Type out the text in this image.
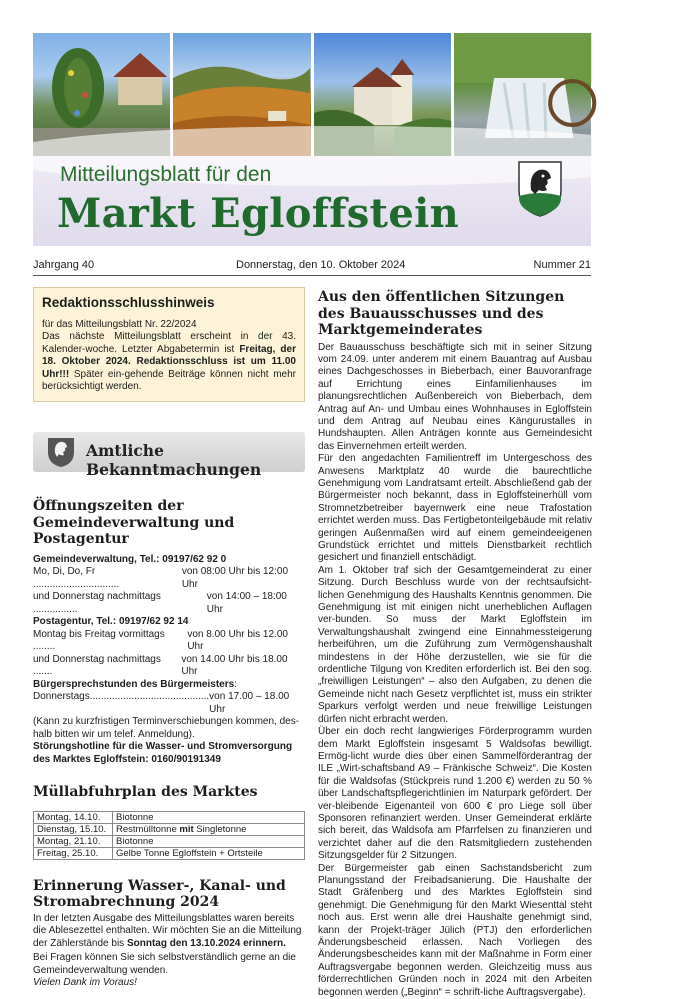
Mitteilungsblatt für den
Markt Egloffstein
Jahrgang 40	Donnerstag, den 10. Oktober 2024	Nummer 21

Redaktionsschlusshinweis

für das Mitteilungsblatt Nr. 22/2024

Das nächste Mitteilungsblatt erscheint in der 43. Kalender-woche. Letzter Abgabetermin ist Freitag, der 18. Oktober 2024. Redaktionsschluss ist um 11.00 Uhr!!! Später ein-gehende Beiträge können nicht mehr berücksichtigt werden.

Amtliche Bekanntmachungen
Öffnungszeiten der Gemeindeverwaltung und Postagentur
Gemeindeverwaltung, Tel.: 09197/62 92 0
Mo, Di, Do, Fr ...............................
von 08:00 Uhr bis 12:00 Uhr
und Donnerstag nachmittags ................
von 14:00 – 18:00 Uhr
Postagentur, Tel.: 09197/62 92 14
Montag bis Freitag vormittags ........
von 8.00 Uhr bis 12.00 Uhr
und Donnerstag nachmittags .......
von 14.00 Uhr bis 18.00 Uhr
Bürgersprechstunden des Bürgermeisters:
Donnerstags........................................... von 17.00 – 18.00 Uhr
(Kann zu kurzfristigen Terminverschiebungen kommen, des-halb bitten wir um telef. Anmeldung).
Störungshotline für die Wasser- und Stromversorgung des Marktes Egloffstein: 0160/90191349
Müllabfuhrplan des Marktes
Montag, 14.10.	Biotonne
Dienstag, 15.10.	Restmülltonne mit Singletonne
Montag, 21.10.	Biotonne
Freitag, 25.10.	Gelbe Tonne Egloffstein + Ortsteile
Erinnerung Wasser-, Kanal- und Stromabrechnung 2024

In der letzten Ausgabe des Mitteilungsblattes waren bereits die Ablesezettel enthalten. Wir möchten Sie an die Mitteilung der Zählerstände bis Sonntag den 13.10.2024 erinnern.

Bei Fragen können Sie sich selbstverständlich gerne an die Gemeindeverwaltung wenden.

Vielen Dank im Voraus!

Aus den öffentlichen Sitzungen des Bauausschusses und des Marktgemeinderates

Der Bauausschuss beschäftigte sich mit in seiner Sitzung vom 24.09. unter anderem mit einem Bauantrag auf Ausbau eines Dachgeschosses in Bieberbach, einer Bauvoranfrage auf Errichtung eines Einfamilienhauses im planungsrechtlichen Außenbereich von Bieberbach, dem Antrag auf An- und Umbau eines Wohnhauses in Egloffstein und dem Antrag auf Neubau eines Kängurustalles in Hundshaupten. Allen Anträgen konnte aus Gemeindesicht das Einvernehmen erteilt werden.

Für den angedachten Familientreff im Untergeschoss des Anwesens Marktplatz 40 wurde die baurechtliche Genehmigung vom Landratsamt erteilt. Abschließend gab der Bürgermeister noch bekannt, dass in Egloffsteinerhüll vom Stromnetzbetreiber bayernwerk eine neue Trafostation errichtet werden muss. Das Fertigbetonteilgebäude mit relativ geringen Außenmaßen wird auf einem gemeindeeigenen Grundstück errichtet und mittels Dienstbarkeit rechtlich gesichert und finanziell entschädigt.

Am 1. Oktober traf sich der Gesamtgemeinderat zu einer Sitzung. Durch Beschluss wurde von der rechtsaufsicht-lichen Genehmigung des Haushalts Kenntnis genommen. Die Genehmigung ist mit einigen nicht unerheblichen Auflagen ver-bunden. So muss der Markt Egloffstein im Verwaltungshaushalt zwingend eine Einnahmessteigerung herbeiführen, um die Zuführung zum Vermögenshaushalt mindestens in der Höhe derzustellen, wie sie für die ordentliche Tilgung von Krediten erforderlich ist. Bei den sog. „freiwilligen Leistungen“ – also den Aufgaben, zu denen die Gemeinde nicht nach Gesetz verpflichtet ist, muss ein strikter Sparkurs verfolgt werden und neue freiwillige Leistungen dürfen nicht erbracht werden.

Über ein doch recht langwieriges Förderprogramm wurden dem Markt Egloffstein insgesamt 5 Waldsofas bewilligt. Ermög-licht wurde dies über einen Sammelförderantrag der ILE „Wirt-schaftsband A9 – Fränkische Schweiz“. Die Kosten für die Waldsofas (Stückpreis rund 1.200 €) werden zu 50 % über Landschaftspflegerichtlinien im Naturpark gefördert. Der ver-bleibende Eigenanteil von 600 € pro Liege soll über Sponsoren refinanziert werden. Unser Gemeinderat erklärte sich bereit, das Waldsofa am Pfarrfelsen zu finanzieren und verzichtet daher auf die den Ratsmitgliedern zustehenden Sitzungsgelder für 2 Sitzungen.

Der Bürgermeister gab einen Sachstandsbericht zum Planungsstand der Freibadsanierung. Die Haushalte der Stadt Gräfenberg und des Marktes Egloffstein sind genehmigt. Die Genehmigung für den Markt Wiesenttal steht noch aus. Erst wenn alle drei Haushalte genehmigt sind, kann der Projekt-träger Jülich (PTJ) den erforderlichen Änderungsbescheid erlassen. Nach Vorliegen des Änderungsbescheides kann mit der Maßnahme in Form einer Auftragsvergabe begonnen werden. Gleichzeitig muss aus förderrechtlichen Gründen noch in 2024 mit den Arbeiten begonnen werden („Beginn“ = schrift-liche Auftragsvergabe).
